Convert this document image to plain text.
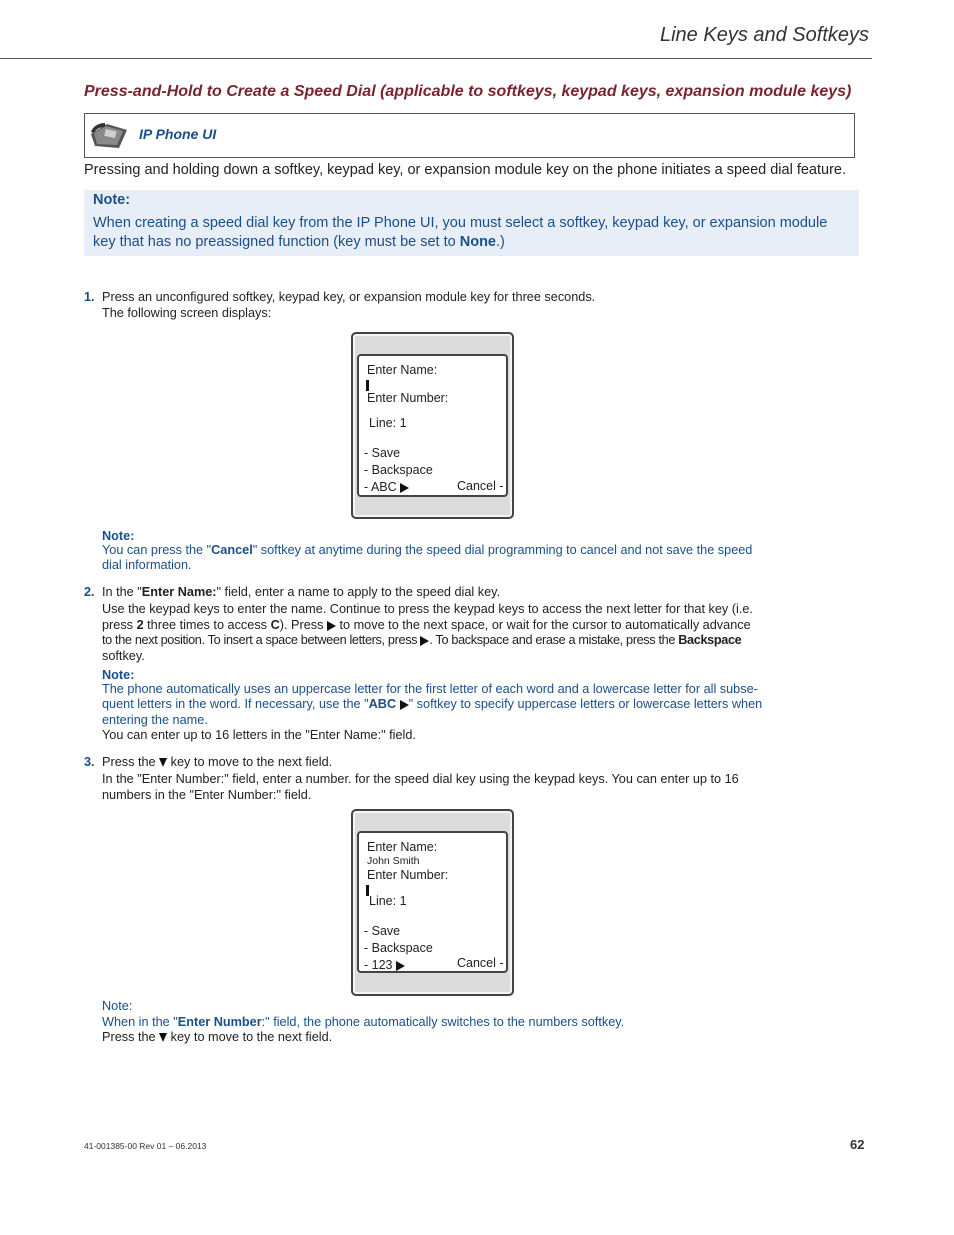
Line Keys and Softkeys
Press-and-Hold to Create a Speed Dial (applicable to softkeys, keypad keys, expansion module keys)
IP Phone UI
Pressing and holding down a softkey, keypad key, or expansion module key on the phone initiates a speed dial feature.
Note:
When creating a speed dial key from the IP Phone UI, you must select a softkey, keypad key, or expansion module key that has no preassigned function (key must be set to None.)
1. Press an unconfigured softkey, keypad key, or expansion module key for three seconds.
The following screen displays:
Enter Name:
Enter Number:
Line: 1
- Save
- Backspace
- ABC	Cancel -
Note:
You can press the "Cancel" softkey at anytime during the speed dial programming to cancel and not save the speed
dial information.
2. In the "Enter Name:" field, enter a name to apply to the speed dial key.
Use the keypad keys to enter the name. Continue to press the keypad keys to access the next letter for that key (i.e.
press 2 three times to access C). Press  to move to the next space, or wait for the cursor to automatically advance
to the next position. To insert a space between letters, press . To backspace and erase a mistake, press the Backspace
softkey.
Note:
The phone automatically uses an uppercase letter for the first letter of each word and a lowercase letter for all subse-
quent letters in the word. If necessary, use the "ABC " softkey to specify uppercase letters or lowercase letters when
entering the name.
You can enter up to 16 letters in the "Enter Name:" field.
3. Press the key to move to the next field.
In the "Enter Number:" field, enter a number. for the speed dial key using the keypad keys. You can enter up to 16
numbers in the "Enter Number:" field.
Enter Name:
John Smith
Enter Number:
Line: 1
- Save
- Backspace
- 123	Cancel -
Note:
When in the "Enter Number:" field, the phone automatically switches to the numbers softkey.
Press the key to move to the next field.
41-001385-00 Rev 01 – 06.2013	62
